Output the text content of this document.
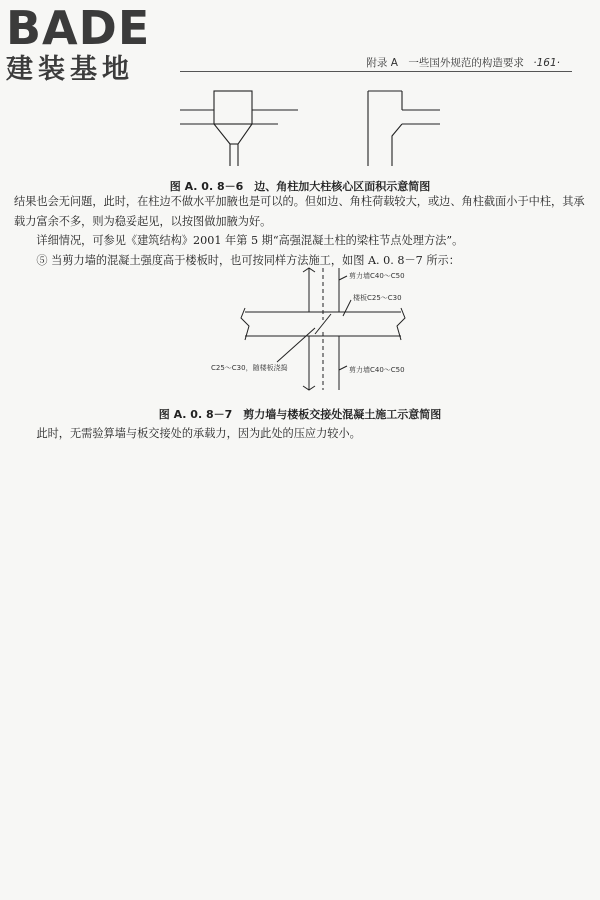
BADE
建装基地	附录 A　一些国外规范的构造要求 ·161·
图 A. 0. 8－6　边、角柱加大柱核心区面积示意简图

结果也会无问题，此时，在柱边不做水平加腋也是可以的。但如边、角柱荷载较大，或边、角柱截面小于中柱，其承载力富余不多，则为稳妥起见，以按图做加腋为好。

详细情况，可参见《建筑结构》2001 年第 5 期“高强混凝土柱的梁柱节点处理方法”。

⑤ 当剪力墙的混凝土强度高于楼板时，也可按同样方法施工，如图 A. 0. 8－7 所示：

剪力墙C40～C50
楼板C25～C30
C25～C30，随楼板浇捣	剪力墙C40～C50
图 A. 0. 8－7　剪力墙与楼板交接处混凝土施工示意简图

此时，无需验算墙与板交接处的承载力，因为此处的压应力较小。
